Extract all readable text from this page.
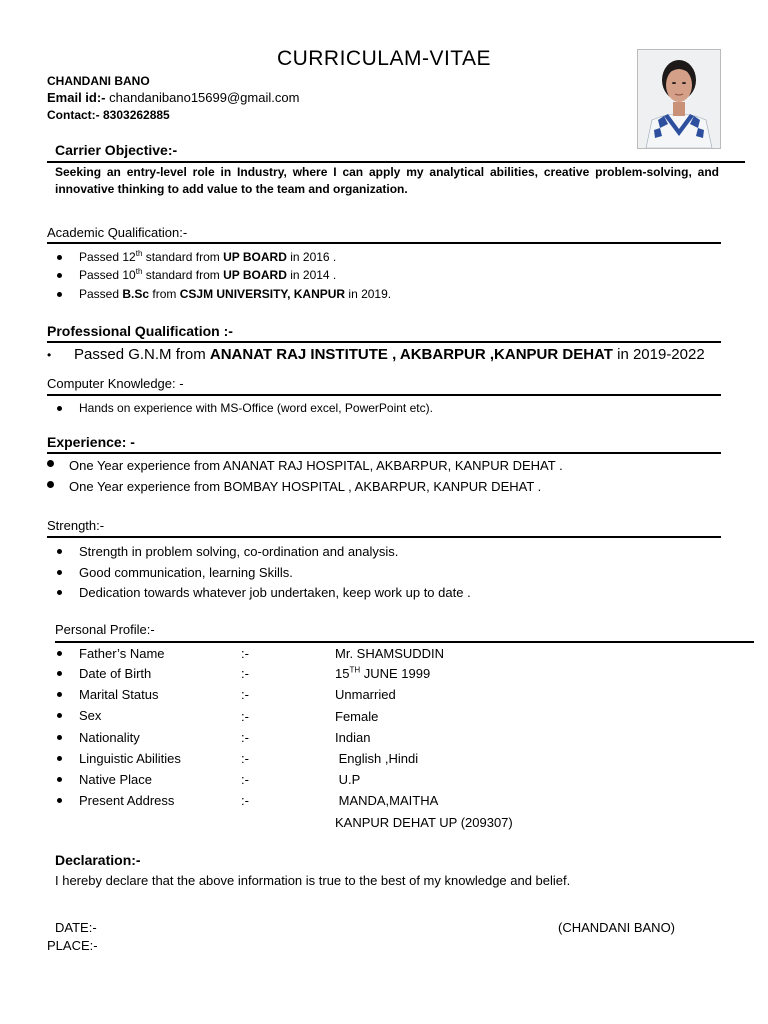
CURRICULAM-VITAE
CHANDANI BANO
Email id:- chandanibano15699@gmail.com
Contact:- 8303262885
Carrier Objective:-
Seeking an entry-level role in Industry, where I can apply my analytical abilities, creative problem-solving, and innovative thinking to add value to the team and organization.
Academic Qualification:-
Passed 12th standard from UP BOARD in 2016 .
Passed 10th standard from UP BOARD in 2014 .
Passed B.Sc from CSJM UNIVERSITY, KANPUR in 2019.
Professional Qualification :-
• Passed G.N.M from ANANAT RAJ INSTITUTE , AKBARPUR ,KANPUR DEHAT in 2019-2022
Computer Knowledge: -
Hands on experience with MS-Office (word excel, PowerPoint etc).
Experience: -
One Year experience from ANANAT RAJ HOSPITAL, AKBARPUR, KANPUR DEHAT .
One Year experience from BOMBAY HOSPITAL , AKBARPUR, KANPUR DEHAT .
Strength:-
Strength in problem solving, co-ordination and analysis.
Good communication, learning Skills.
Dedication towards whatever job undertaken, keep work up to date .
Personal Profile:-
Father’s Name	:-	Mr. SHAMSUDDIN
Date of Birth	:-	15TH JUNE 1999
Marital Status	:-	Unmarried
Sex	:-	Female
Nationality	:-	Indian
Linguistic Abilities	:-	English ,Hindi
Native Place	:-	U.P
Present Address	:-	MANDA,MAITHA
KANPUR DEHAT UP (209307)
Declaration:-
I hereby declare that the above information is true to the best of my knowledge and belief.
DATE:-	(CHANDANI BANO)
PLACE:-
